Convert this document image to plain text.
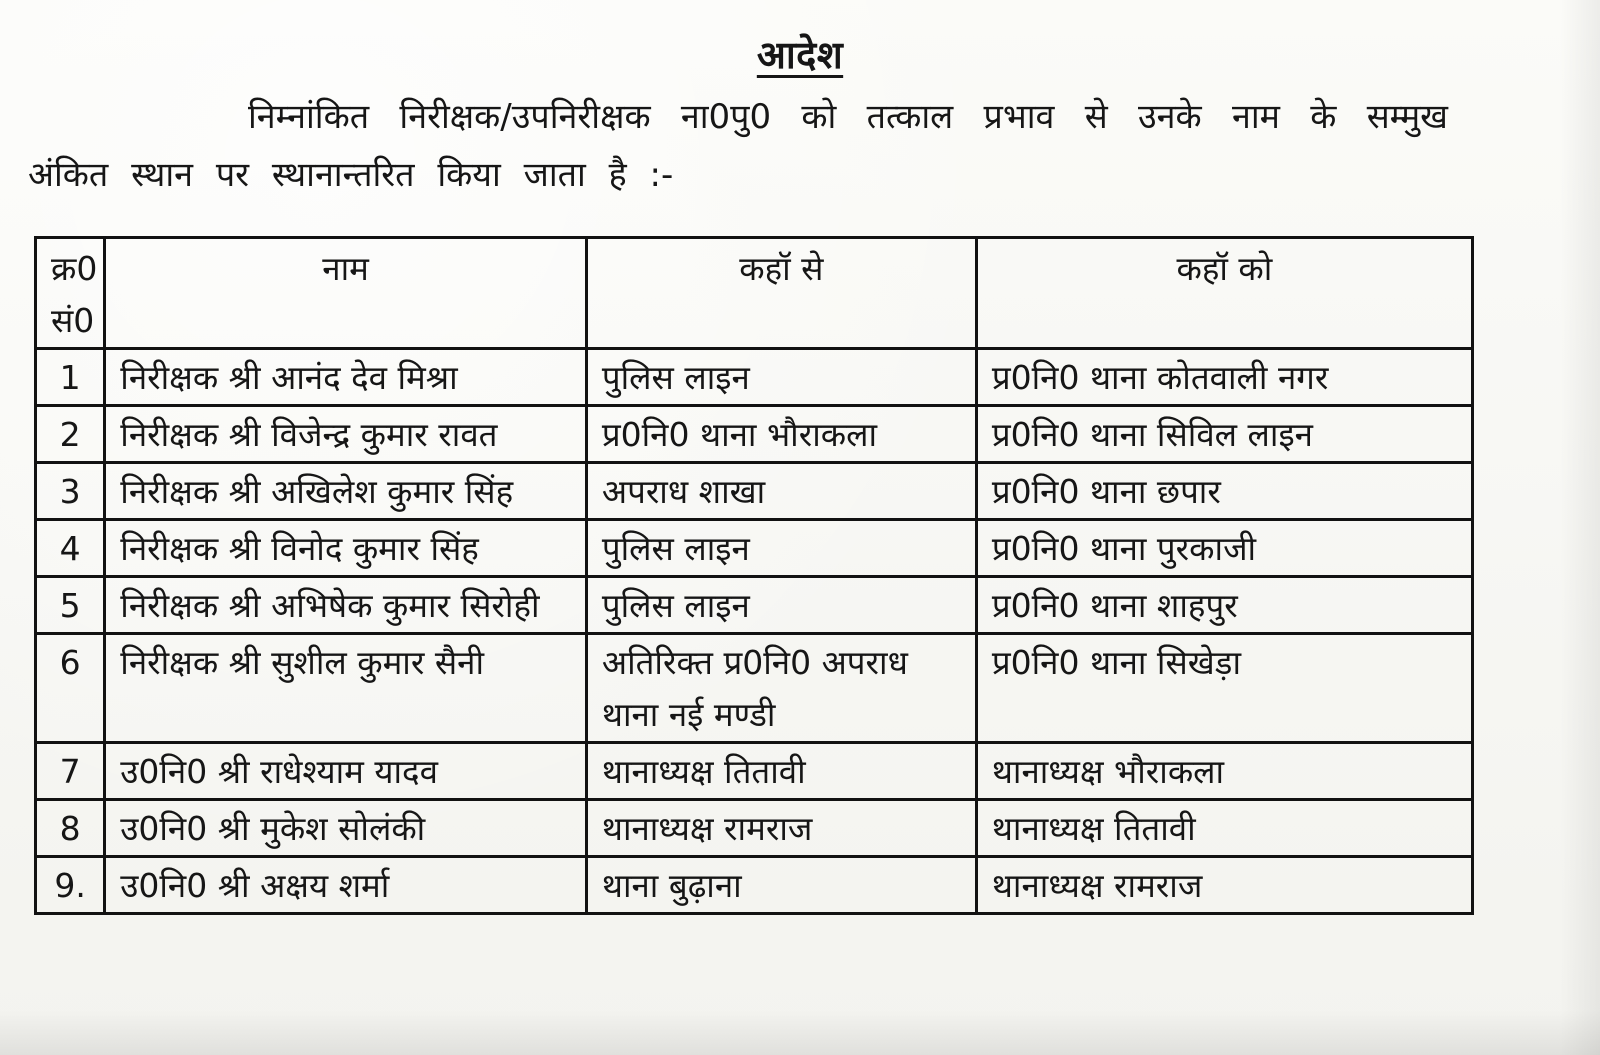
आदेश
निम्नांकित निरीक्षक/उपनिरीक्षक ना0पु0 को तत्काल प्रभाव से उनके नाम के सम्मुख अंकित स्थान पर स्थानान्तरित किया जाता है :-
क्र0 सं0	नाम	कहॉ से	कहॉ को
1	निरीक्षक श्री आनंद देव मिश्रा	पुलिस लाइन	प्र0नि0 थाना कोतवाली नगर
2	निरीक्षक श्री विजेन्द्र कुमार रावत	प्र0नि0 थाना भौराकला	प्र0नि0 थाना सिविल लाइन
3	निरीक्षक श्री अखिलेश कुमार सिंह	अपराध शाखा	प्र0नि0 थाना छपार
4	निरीक्षक श्री विनोद कुमार सिंह	पुलिस लाइन	प्र0नि0 थाना पुरकाजी
5	निरीक्षक श्री अभिषेक कुमार सिरोही	पुलिस लाइन	प्र0नि0 थाना शाहपुर
6	निरीक्षक श्री सुशील कुमार सैनी	अतिरिक्त प्र0नि0 अपराध थाना नई मण्डी	प्र0नि0 थाना सिखेड़ा
7	उ0नि0 श्री राधेश्याम यादव	थानाध्यक्ष तितावी	थानाध्यक्ष भौराकला
8	उ0नि0 श्री मुकेश सोलंकी	थानाध्यक्ष रामराज	थानाध्यक्ष तितावी
9.	उ0नि0 श्री अक्षय शर्मा	थाना बुढ़ाना	थानाध्यक्ष रामराज
